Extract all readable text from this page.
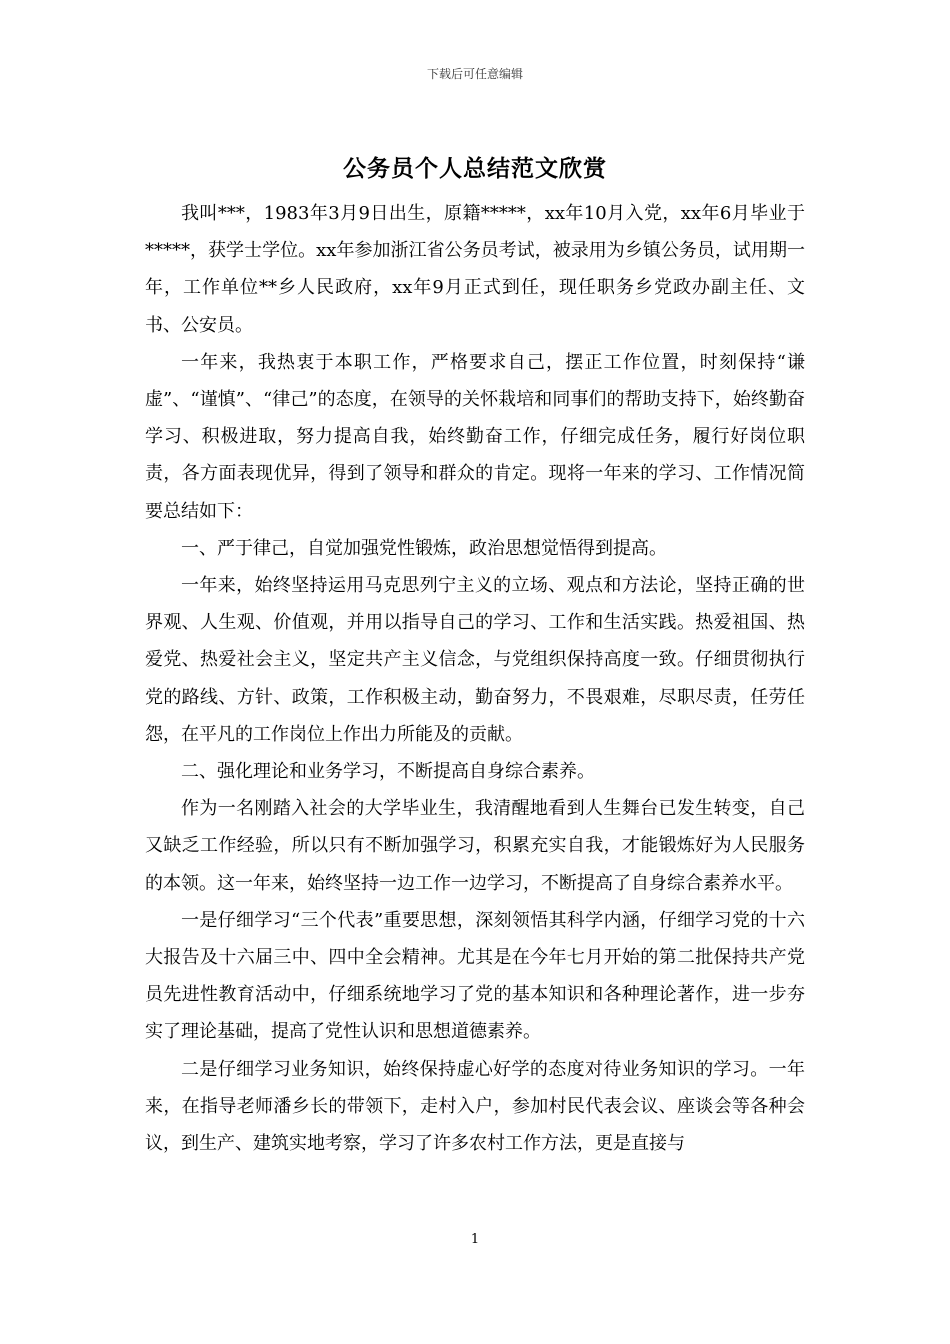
下载后可任意编辑
公务员个人总结范文欣赏

我叫***，1983年3月9日出生，原籍*****，xx年10月入党，xx年6月毕业于*****，获学士学位。xx年参加浙江省公务员考试，被录用为乡镇公务员，试用期一年，工作单位**乡人民政府，xx年9月正式到任，现任职务乡党政办副主任、文书、公安员。

一年来，我热衷于本职工作，严格要求自己，摆正工作位置，时刻保持“谦虚”、“谨慎”、“律己”的态度，在领导的关怀栽培和同事们的帮助支持下，始终勤奋学习、积极进取，努力提高自我，始终勤奋工作，仔细完成任务，履行好岗位职责，各方面表现优异，得到了领导和群众的肯定。现将一年来的学习、工作情况简要总结如下：

一、严于律己，自觉加强党性锻炼，政治思想觉悟得到提高。

一年来，始终坚持运用马克思列宁主义的立场、观点和方法论，坚持正确的世界观、人生观、价值观，并用以指导自己的学习、工作和生活实践。热爱祖国、热爱党、热爱社会主义，坚定共产主义信念，与党组织保持高度一致。仔细贯彻执行党的路线、方针、政策，工作积极主动，勤奋努力，不畏艰难，尽职尽责，任劳任怨，在平凡的工作岗位上作出力所能及的贡献。

二、强化理论和业务学习，不断提高自身综合素养。

作为一名刚踏入社会的大学毕业生，我清醒地看到人生舞台已发生转变，自己又缺乏工作经验，所以只有不断加强学习，积累充实自我，才能锻炼好为人民服务的本领。这一年来，始终坚持一边工作一边学习，不断提高了自身综合素养水平。

一是仔细学习“三个代表”重要思想，深刻领悟其科学内涵，仔细学习党的十六大报告及十六届三中、四中全会精神。尤其是在今年七月开始的第二批保持共产党员先进性教育活动中，仔细系统地学习了党的基本知识和各种理论著作，进一步夯实了理论基础，提高了党性认识和思想道德素养。

二是仔细学习业务知识，始终保持虚心好学的态度对待业务知识的学习。一年来，在指导老师潘乡长的带领下，走村入户，参加村民代表会议、座谈会等各种会议，到生产、建筑实地考察，学习了许多农村工作方法，更是直接与

1
